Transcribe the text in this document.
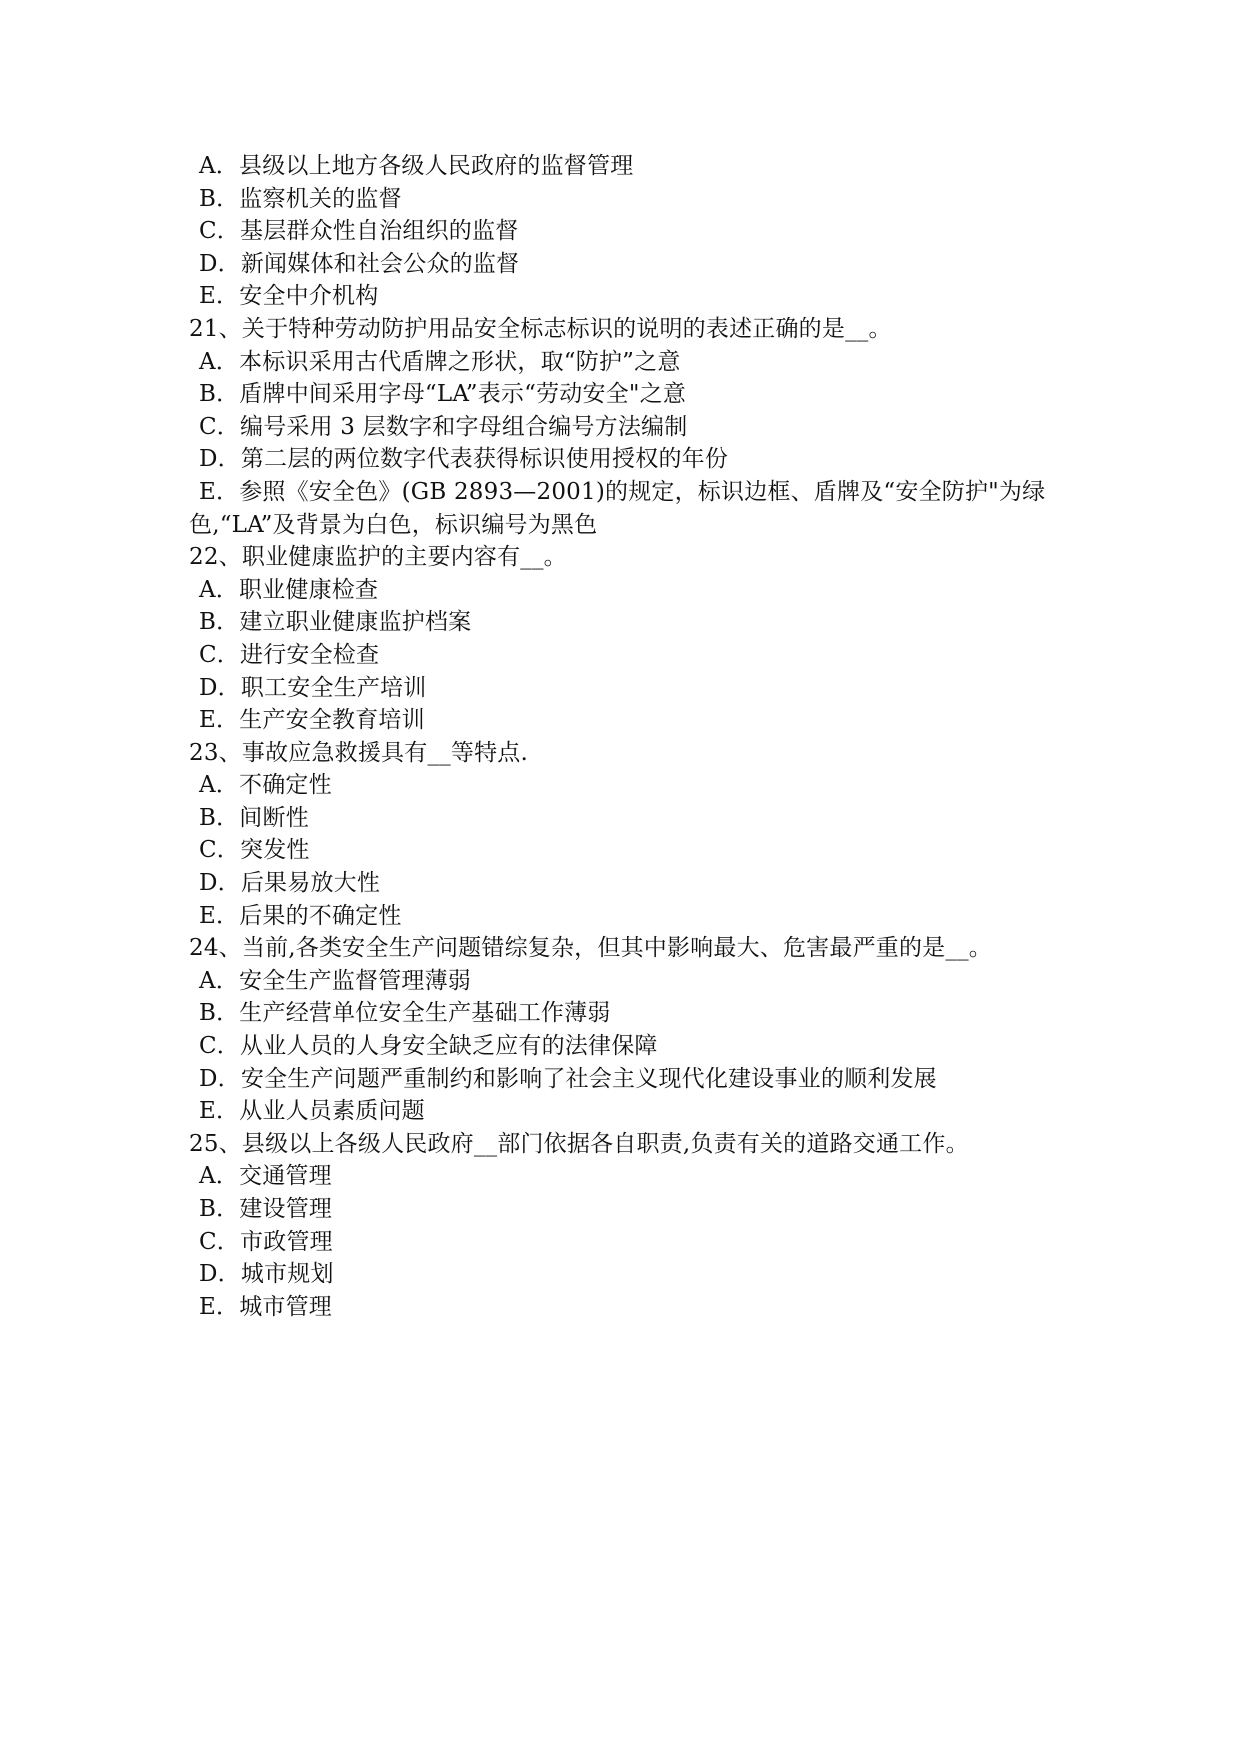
A．县级以上地方各级人民政府的监督管理
B．监察机关的监督
C．基层群众性自治组织的监督
D．新闻媒体和社会公众的监督
E．安全中介机构
21、关于特种劳动防护用品安全标志标识的说明的表述正确的是__。
A．本标识采用古代盾牌之形状，取“防护”之意
B．盾牌中间采用字母“LA”表示“劳动安全"之意
C．编号采用 3 层数字和字母组合编号方法编制
D．第二层的两位数字代表获得标识使用授权的年份
E．参照《安全色》(GB 2893—2001)的规定，标识边框、盾牌及“安全防护"为绿色,“LA”及背景为白色，标识编号为黑色
22、职业健康监护的主要内容有__。
A．职业健康检查
B．建立职业健康监护档案
C．进行安全检查
D．职工安全生产培训
E．生产安全教育培训
23、事故应急救援具有__等特点.
A．不确定性
B．间断性
C．突发性
D．后果易放大性
E．后果的不确定性
24、当前,各类安全生产问题错综复杂，但其中影响最大、危害最严重的是__。
A．安全生产监督管理薄弱
B．生产经营单位安全生产基础工作薄弱
C．从业人员的人身安全缺乏应有的法律保障
D．安全生产问题严重制约和影响了社会主义现代化建设事业的顺利发展
E．从业人员素质问题
25、县级以上各级人民政府__部门依据各自职责,负责有关的道路交通工作。
A．交通管理
B．建设管理
C．市政管理
D．城市规划
E．城市管理
